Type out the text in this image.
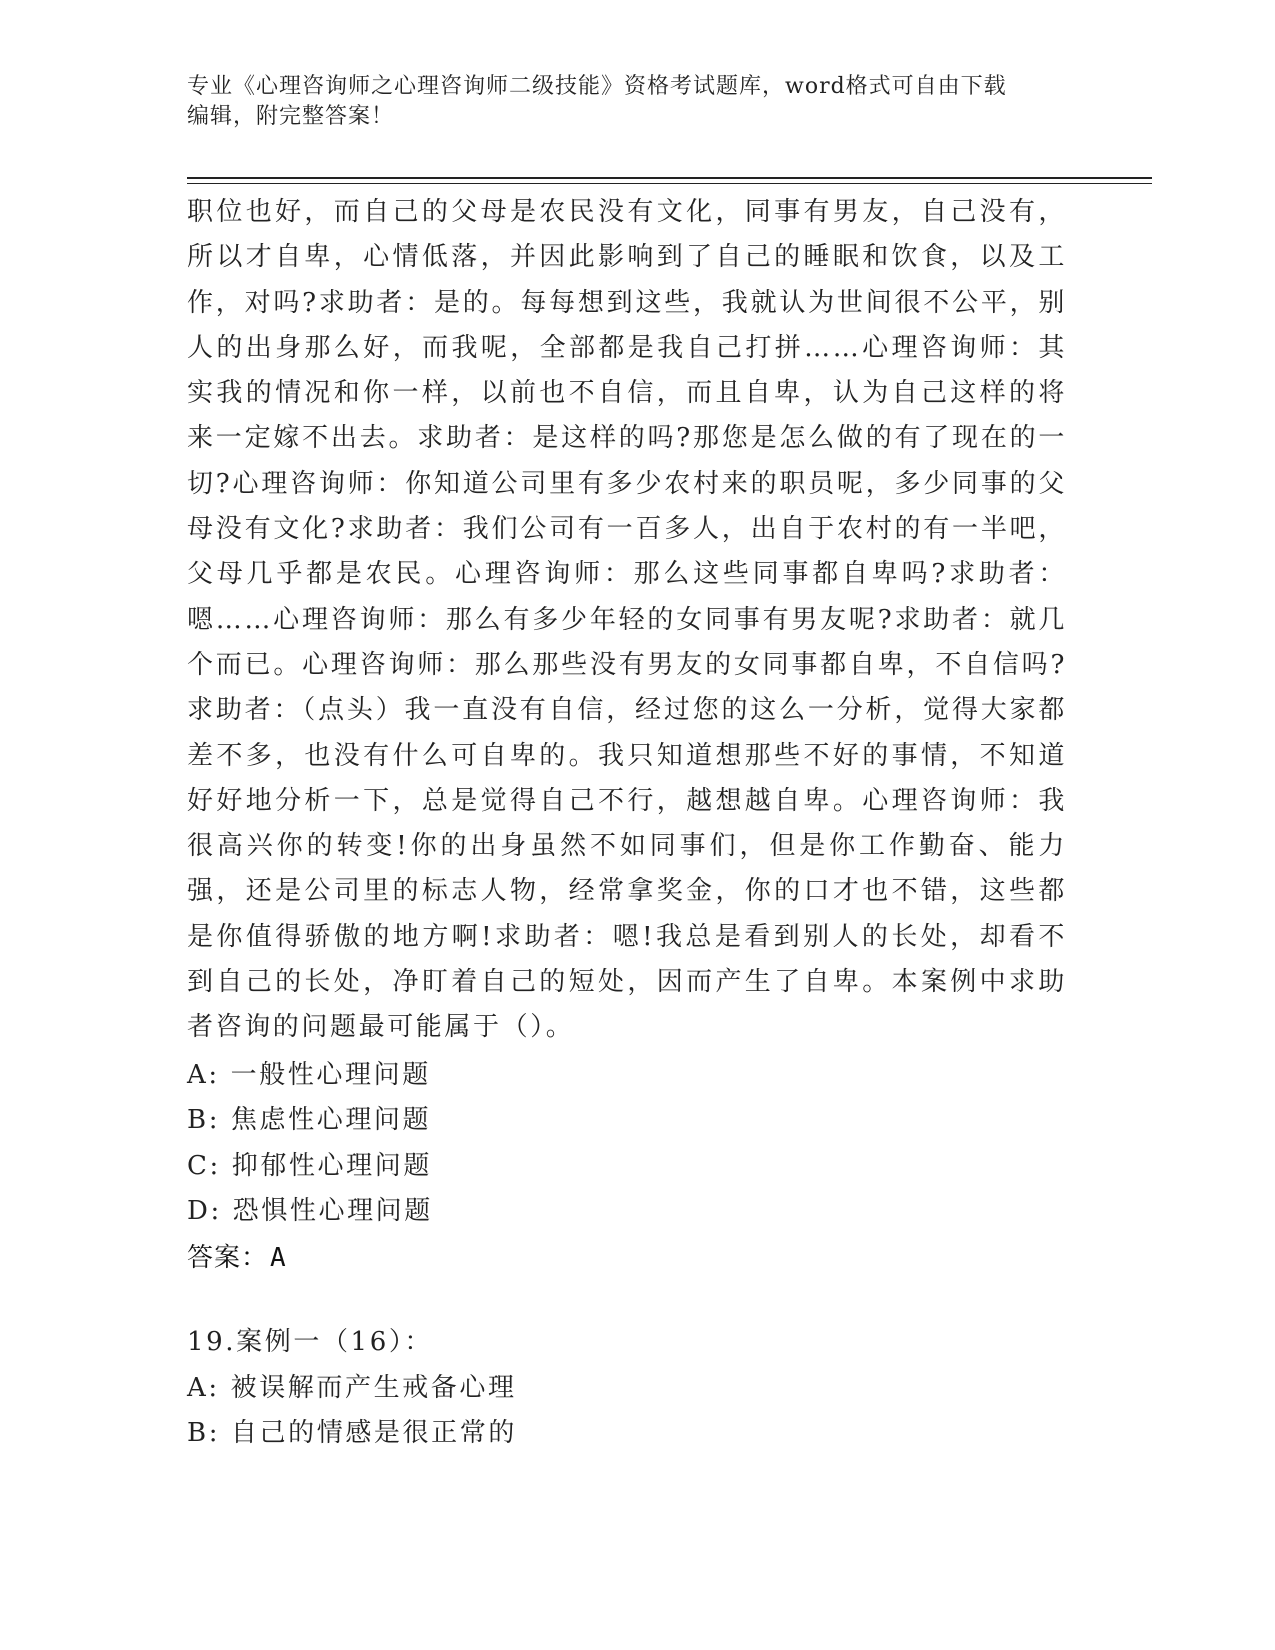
专业《心理咨询师之心理咨询师二级技能》资格考试题库，word格式可自由下载
编辑，附完整答案！
职位也好，而自己的父母是农民没有文化，同事有男友，自己没有，所以才自卑，心情低落，并因此影响到了自己的睡眠和饮食，以及工作，对吗?求助者：是的。每每想到这些，我就认为世间很不公平，别人的出身那么好，而我呢，全部都是我自己打拼……心理咨询师：其实我的情况和你一样，以前也不自信，而且自卑，认为自己这样的将来一定嫁不出去。求助者：是这样的吗?那您是怎么做的有了现在的一切?心理咨询师：你知道公司里有多少农村来的职员呢，多少同事的父母没有文化?求助者：我们公司有一百多人，出自于农村的有一半吧，父母几乎都是农民。心理咨询师：那么这些同事都自卑吗?求助者：嗯……心理咨询师：那么有多少年轻的女同事有男友呢?求助者：就几个而已。心理咨询师：那么那些没有男友的女同事都自卑，不自信吗?求助者：（点头）我一直没有自信，经过您的这么一分析，觉得大家都差不多，也没有什么可自卑的。我只知道想那些不好的事情，不知道好好地分析一下，总是觉得自己不行，越想越自卑。心理咨询师：我很高兴你的转变!你的出身虽然不如同事们，但是你工作勤奋、能力强，还是公司里的标志人物，经常拿奖金，你的口才也不错，这些都是你值得骄傲的地方啊!求助者：嗯!我总是看到别人的长处，却看不到自己的长处，净盯着自己的短处，因而产生了自卑。本案例中求助者咨询的问题最可能属于（）。
A: 一般性心理问题
B: 焦虑性心理问题
C: 抑郁性心理问题
D: 恐惧性心理问题
答案：A
19.案例一（16）：
A: 被误解而产生戒备心理
B: 自己的情感是很正常的
